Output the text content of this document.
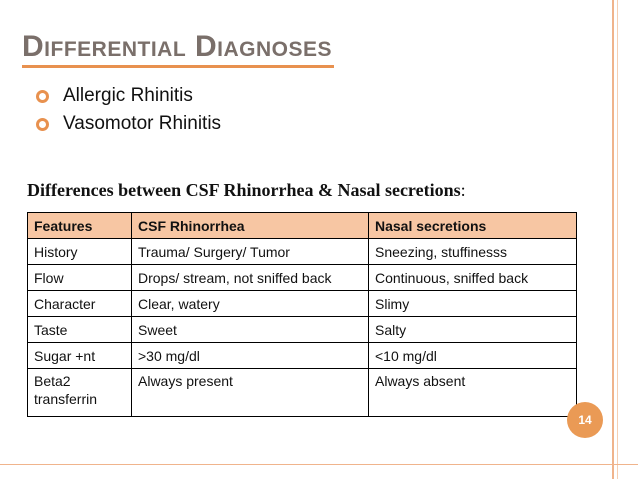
Differential Diagnoses
Allergic Rhinitis
Vasomotor Rhinitis

Differences between CSF Rhinorrhea & Nasal secretions:

Features	CSF Rhinorrhea	Nasal secretions
History	Trauma/ Surgery/ Tumor	Sneezing, stuffinesss
Flow	Drops/ stream, not sniffed back	Continuous, sniffed back
Character	Clear, watery	Slimy
Taste	Sweet	Salty
Sugar +nt	>30 mg/dl	<10 mg/dl
Beta2 transferrin	Always present	Always absent
14
